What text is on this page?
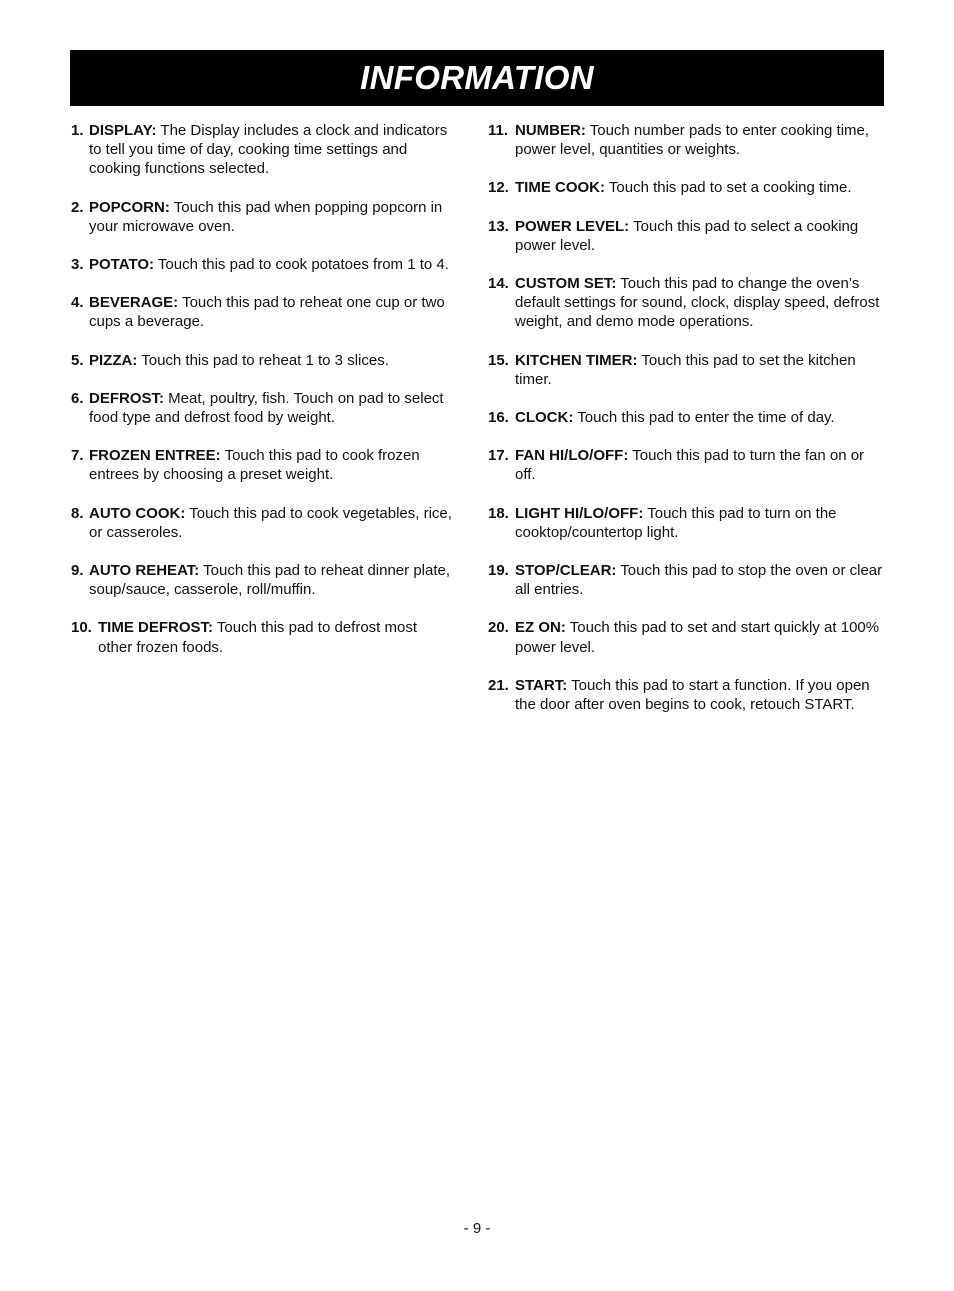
INFORMATION
1. DISPLAY: The Display includes a clock and indicators to tell you time of day, cooking time settings and cooking functions selected.
2. POPCORN: Touch this pad when popping popcorn in your microwave oven.
3. POTATO: Touch this pad to cook potatoes from 1 to 4.
4. BEVERAGE: Touch this pad to reheat one cup or two cups a beverage.
5. PIZZA: Touch this pad to reheat 1 to 3 slices.
6. DEFROST: Meat, poultry, fish. Touch on pad to select food type and defrost food by weight.
7. FROZEN ENTREE: Touch this pad to cook frozen entrees by choosing a preset weight.
8. AUTO COOK: Touch this pad to cook vegetables, rice, or casseroles.
9. AUTO REHEAT: Touch this pad to reheat dinner plate, soup/sauce, casserole, roll/muffin.
10. TIME DEFROST: Touch this pad to defrost most other frozen foods.
11. NUMBER: Touch number pads to enter cooking time, power level, quantities or weights.
12. TIME COOK: Touch this pad to set a cooking time.
13. POWER LEVEL: Touch this pad to select a cooking power level.
14. CUSTOM SET: Touch this pad to change the oven’s default settings for sound, clock, display speed, defrost weight, and demo mode operations.
15. KITCHEN TIMER: Touch this pad to set the kitchen timer.
16. CLOCK: Touch this pad to enter the time of day.
17. FAN HI/LO/OFF: Touch this pad to turn the fan on or off.
18. LIGHT HI/LO/OFF: Touch this pad to turn on the cooktop/countertop light.
19. STOP/CLEAR: Touch this pad to stop the oven or clear all entries.
20. EZ ON: Touch this pad to set and start quickly at 100% power level.
21. START: Touch this pad to start a function. If you open the door after oven begins to cook, retouch START.
- 9 -
